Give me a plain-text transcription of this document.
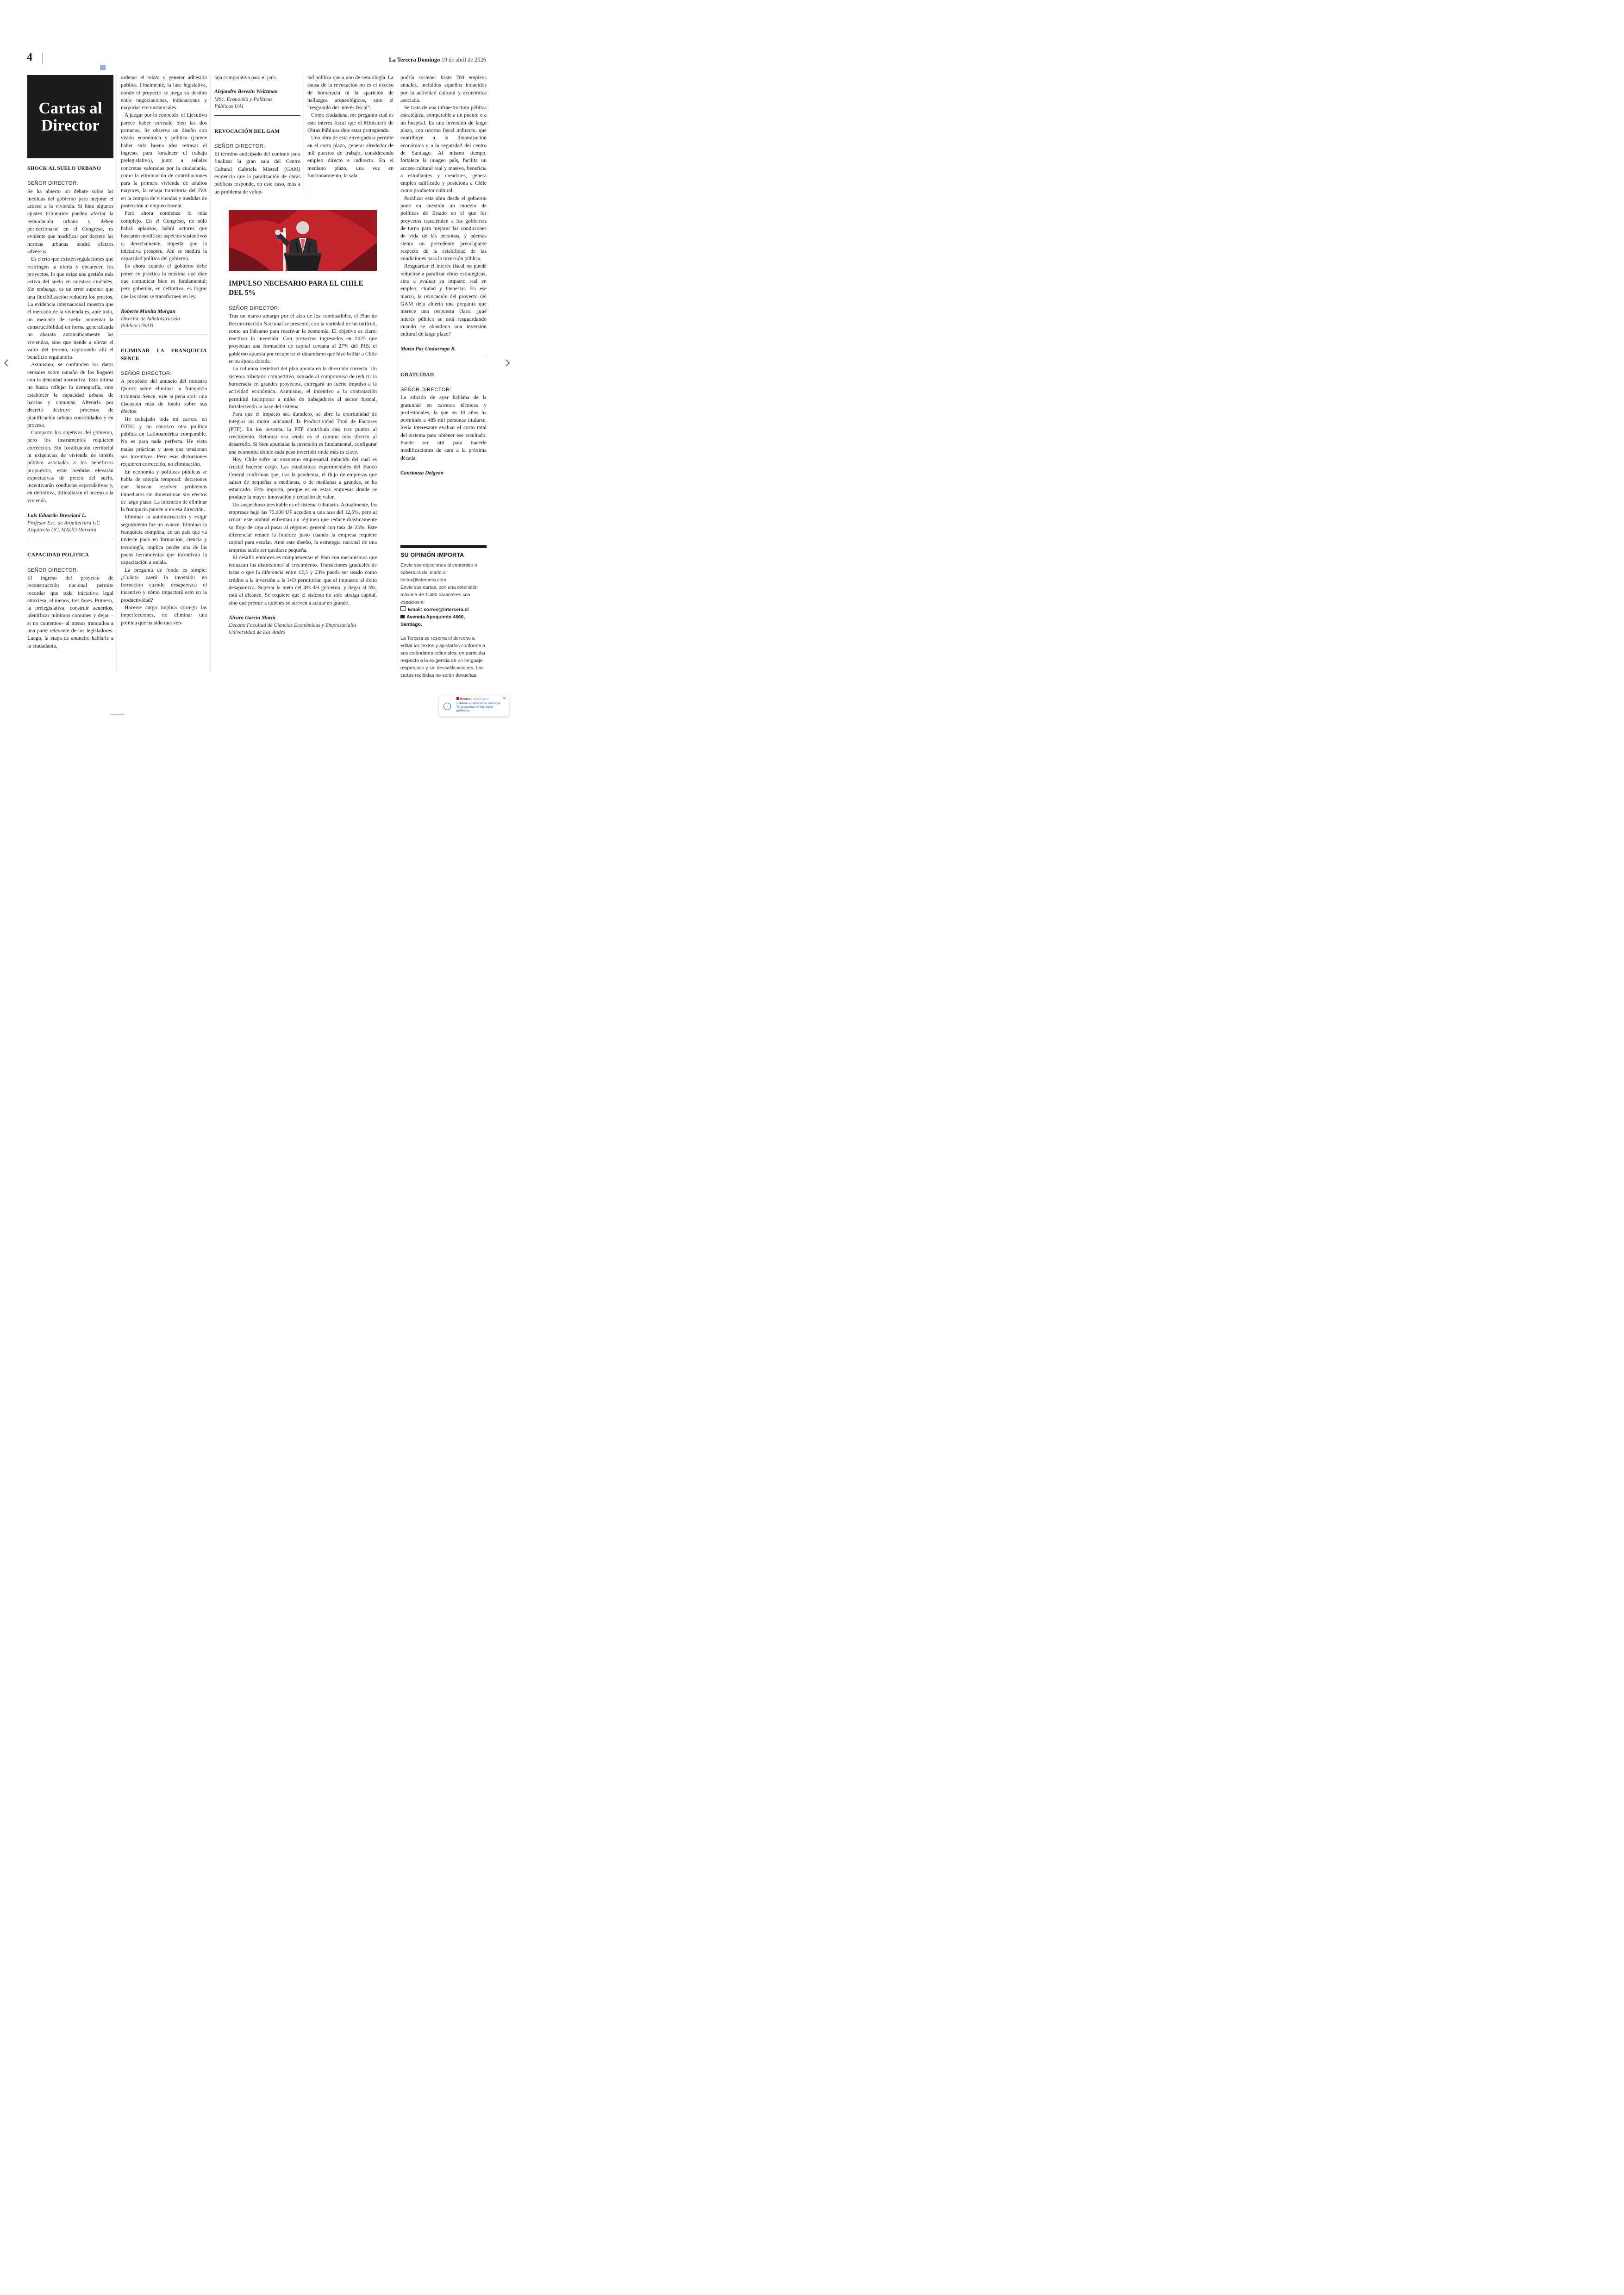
4	La Tercera Domingo 19 de abril de 2026
Cartas al
Director
SHOCK AL SUELO URBANO
SEÑOR DIRECTOR:

Se ha abierto un debate sobre las medidas del gobierno para mejorar el acceso a la vivienda. Si bien algunos ajustes tributarios pueden afectar la recaudación urbana y deben perfeccionarse en el Congreso, es evidente que modificar por decreto las normas urbanas tendrá efectos adversos.

Es cierto que existen regulaciones que restringen la oferta y encarecen los proyectos, lo que exige una gestión más activa del suelo en nuestras ciudades. Sin embargo, es un error suponer que una flexibilización reducirá los precios. La evidencia internacional muestra que el mercado de la vivienda es, ante todo, un mercado de suelo: aumentar la constructibilidad en forma generalizada no abarata automáticamente las viviendas, sino que tiende a elevar el valor del terreno, capturando allí el beneficio regulatorio.

Asimismo, se confunden los datos censales sobre tamaño de los hogares con la densidad normativa. Esta última no busca reflejar la demografía, sino establecer la capacidad urbana de barrios y comunas. Alterarla por decreto destruye procesos de planificación urbana consolidados y en proceso.

Comparto los objetivos del gobierno, pero los instrumentos requieren corrección. Sin focalización territorial ni exigencias de vivienda de interés público asociadas a los beneficios propuestos, estas medidas elevarán expectativas de precio del suelo, incentivarán conductas especulativas y, en definitiva, dificultarán el acceso a la vivienda.

Luis Eduardo Bresciani L.
Profesor Esc. de Arquitectura UC
Arquitecto UC, MAUD Harvard
CAPACIDAD POLÍTICA
SEÑOR DIRECTOR:

El ingreso del proyecto de reconstrucción nacional permite recordar que toda iniciativa legal atraviesa, al menos, tres fases. Primero, la prelegislativa: construir acuerdos, identificar mínimos comunes y dejar –si no contentos– al menos tranquilos a una parte relevante de los legisladores. Luego, la etapa de anuncio: hablarle a la ciudadanía,

ordenar el relato y generar adhesión pública. Finalmente, la fase legislativa, donde el proyecto se juega su destino entre negociaciones, indicaciones y mayorías circunstanciales.

A juzgar por lo conocido, el Ejecutivo parece haber sorteado bien las dos primeras. Se observa un diseño con visión económica y política (parece haber sido buena idea retrasar el ingreso, para fortalecer el trabajo prelegislativo), junto a señales concretas valoradas por la ciudadanía, como la eliminación de contribuciones para la primera vivienda de adultos mayores, la rebaja transitoria del IVA en la compra de viviendas y medidas de protección al empleo formal.

Pero ahora comienza lo más complejo. En el Congreso, no sólo habrá aplausos, habrá actores que buscarán modificar aspectos sustantivos o, derechamente, impedir que la iniciativa prospere. Ahí se medirá la capacidad política del gobierno.

Es ahora cuando el gobierno debe poner en práctica la máxima que dice que comunicar bien es fundamental; pero gobernar, en definitiva, es lograr que las ideas se transformen en ley.

Roberto Munita Morgan
Director de Administración
Pública UNAB
ELIMINAR LA FRANQUICIA SENCE
SEÑOR DIRECTOR:

A propósito del anuncio del ministro Quiroz sobre eliminar la franquicia tributaria Sence, vale la pena abrir una discusión más de fondo sobre sus efectos.

He trabajado toda mi carrera en OTEC y no conozco otra política pública en Latinoamérica comparable. No es para nada perfecta. He visto malas prácticas y usos que tensionan sus incentivos. Pero esas distorsiones requieren corrección, no eliminación.

En economía y políticas públicas se habla de miopía temporal: decisiones que buscan resolver problemas inmediatos sin dimensionar sus efectos de largo plazo. La intención de eliminar la franquicia parece ir en esa dirección.

Eliminar la autoinstrucción y exigir seguimiento fue un avance. Eliminar la franquicia completa, en un país que ya invierte poco en formación, ciencia y tecnología, implica perder una de las pocas herramientas que incentivan la capacitación a escala.

La pregunta de fondo es simple: ¿Cuánto caerá la inversión en formación cuando desaparezca el incentivo y cómo impactará esto en la productividad?

Hacerse cargo implica corregir las imperfecciones, no eliminar una política que ha sido una ven-

taja comparativa para el país.

Alejandro Berezin Weitzman
MSc. Economía y Políticas
Públicas UAI
REVOCACIÓN DEL GAM
SEÑOR DIRECTOR:

El término anticipado del contrato para finalizar la gran sala del Centro Cultural Gabriela Mistral (GAM) evidencia que la paralización de obras públicas responde, en este caso, más a un problema de volun-

tad política que a uno de semiología. La causa de la revocación no es el exceso de burocracia ni la aparición de hallazgos arqueológicos, sino el “resguardo del interés fiscal”.

Como ciudadana, me pregunto cuál es este interés fiscal que el Ministerio de Obras Públicas dice estar protegiendo.

Una obra de esta envergadura permite en el corto plazo, generar alrededor de mil puestos de trabajo, considerando empleo directo e indirecto. En el mediano plazo, una vez en funcionamiento, la sala

IMPULSO NECESARIO PARA EL CHILE DEL 5%
SEÑOR DIRECTOR:

Tras un marzo amargo por el alza de los combustibles, el Plan de Reconstrucción Nacional se presentó, con la variedad de un tutifruti, como un bálsamo para reactivar la economía. El objetivo es claro: reactivar la inversión. Con proyectos ingresados en 2025 que proyectan una formación de capital cercana al 27% del PIB, el gobierno apuesta por recuperar el dinamismo que hizo brillar a Chile en su época dorada.

La columna vertebral del plan apunta en la dirección correcta. Un sistema tributario competitivo, sumado al compromiso de reducir la burocracia en grandes proyectos, entregará un fuerte impulso a la actividad económica. Asimismo, el incentivo a la contratación permitirá incorporar a miles de trabajadores al sector formal, fortaleciendo la base del sistema.

Para que el impacto sea duradero, se abre la oportunidad de integrar un motor adicional: la Productividad Total de Factores (PTF). En los noventa, la PTF contribuía casi tres puntos al crecimiento. Retomar esa senda es el camino más directo al desarrollo. Si bien apuntalar la inversión es fundamental, configurar una economía donde cada peso invertido rinda más es clave.

Hoy, Chile sufre un enanismo empresarial inducido del cual es crucial hacerse cargo. Las estadísticas experimentales del Banco Central confirman que, tras la pandemia, el flujo de empresas que saltan de pequeñas a medianas, o de medianas a grandes, se ha estancado. Esto importa, porque es en estas empresas donde se produce la mayor innovación y creación de valor.

Un sospechoso inevitable es el sistema tributario. Actualmente, las empresas bajo las 75.000 UF acceden a una tasa del 12,5%, pero al cruzar este umbral enfrentan un régimen que reduce drásticamente su flujo de caja al pasar al régimen general con tasa de 23%. Este diferencial reduce la liquidez justo cuando la empresa requiere capital para escalar. Ante este diseño, la estrategia racional de una empresa suele ser quedarse pequeña.

El desafío entonces es complementar el Plan con mecanismos que reduzcan las distorsiones al crecimiento. Transiciones graduales de tasas o que la diferencia entre 12,5 y 23% pueda ser usado como crédito a la inversión a la I+D permitirían que el impuesto al éxito desaparezca. Superar la meta del 4% del gobierno, y llegar al 5%, está al alcance. Se requiere que el sistema no solo atraiga capital, sino que premie a quienes se atreven a actuar en grande.

Álvaro García Marín
Decano Facultad de Ciencias Económicas y Empresariales
Universidad de Los Andes

podría sostener hasta 700 empleos anuales, incluidos aquellos inducidos por la actividad cultural y económica asociada.

Se trata de una infraestructura pública estratégica, comparable a un puente o a un hospital. Es una inversión de largo plazo, con retorno fiscal indirecto, que contribuye a la dinamización económica y a la seguridad del centro de Santiago. Al mismo tiempo, fortalece la imagen país, facilita un acceso cultural real y masivo, beneficia a estudiantes y creadores, genera empleo calificado y posiciona a Chile como productor cultural.

Paralizar esta obra desde el gobierno pone en cuestión un modelo de políticas de Estado en el que los proyectos trascienden a los gobiernos de turno para mejorar las condiciones de vida de las personas, y además sienta un precedente preocupante respecto de la estabilidad de las condiciones para la inversión pública.

Resguardar el interés fiscal no puede reducirse a paralizar obras estratégicas, sino a evaluar su impacto real en empleo, ciudad y bienestar. En ese marco, la revocación del proyecto del GAM deja abierta una pregunta que merece una respuesta clara: ¿qué interés público se está resguardando cuando se abandona una inversión cultural de largo plazo?

María Paz Undurraga R.
GRATUIDAD
SEÑOR DIRECTOR:

La edición de ayer hablaba de la gratuidad en carreras técnicas y profesionales, la que en 10 años ha permitido a 485 mil personas titularse. Sería interesante evaluar el costo total del sistema para obtener ese resultado. Puede ser útil para hacerle modificaciones de cara a la próxima década.

Constanza Delgeon
SU OPINIÓN IMPORTA
Envíe sus objeciones al contenido o cobertura del diario a lector@latercera.com
Envíe sus cartas, con una extensión máxima de 1.400 caracteres con espacios a:
Email: correo@latercera.cl
Avenida Apoquindo 4660, Santiago.
La Tercera se reserva el derecho a editar los textos y ajustarlos conforme a sus estándares editoriales, en particular respecto a la exigencia de un lenguaje respetuoso y sin descalificaciones. Las cartas recibidas no serán devueltas.
McAfee | WebAdvisor	✕
↓
Estamos analizando tu descarga. Te avisaremos si hay algún problema.
